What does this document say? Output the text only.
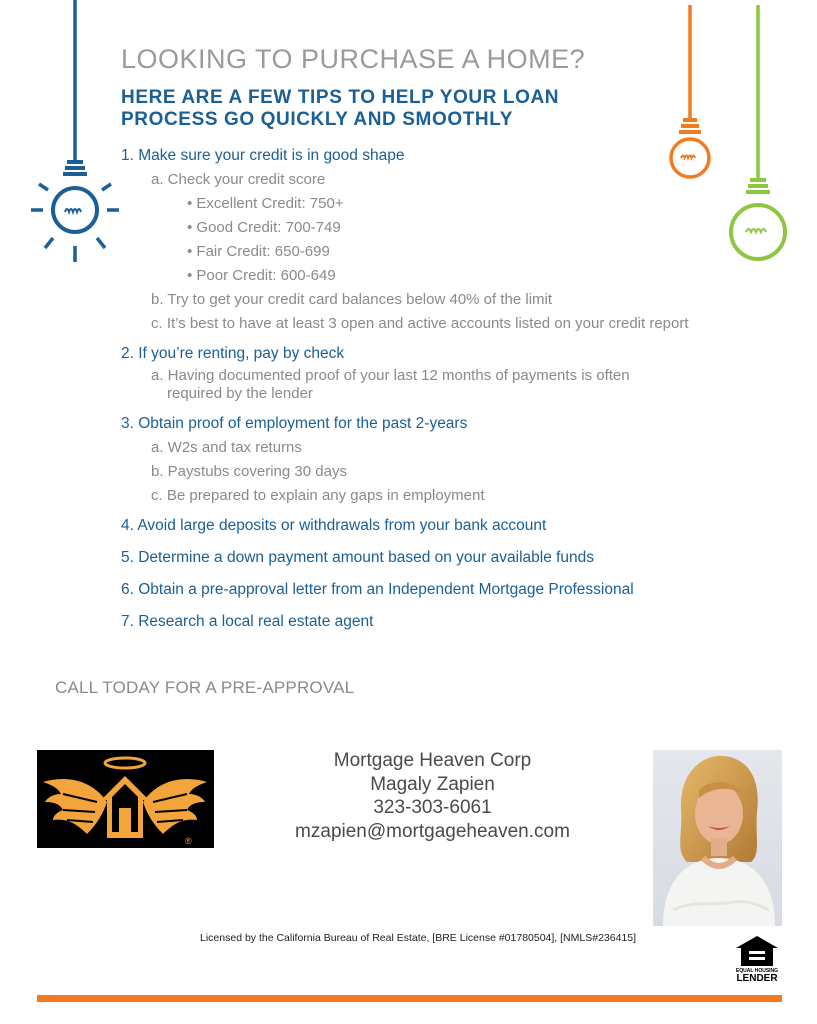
LOOKING TO PURCHASE A HOME?
HERE ARE A FEW TIPS TO HELP YOUR LOAN
PROCESS GO QUICKLY AND SMOOTHLY
1. Make sure your credit is in good shape
a. Check your credit score
• Excellent Credit: 750+
• Good Credit: 700-749
• Fair Credit: 650-699
• Poor Credit: 600-649
b. Try to get your credit card balances below 40% of the limit
c. It’s best to have at least 3 open and active accounts listed on your credit report
2. If you’re renting, pay by check
a. Having documented proof of your last 12 months of payments is often required by the lender
3. Obtain proof of employment for the past 2-years
a. W2s and tax returns
b. Paystubs covering 30 days
c. Be prepared to explain any gaps in employment
4. Avoid large deposits or withdrawals from your bank account
5. Determine a down payment amount based on your available funds
6. Obtain a pre-approval letter from an Independent Mortgage Professional
7. Research a local real estate agent
CALL TODAY FOR A PRE-APPROVAL
®
Mortgage Heaven Corp
Magaly Zapien
323-303-6061
mzapien@mortgageheaven.com
Licensed by the California Bureau of Real Estate, [BRE License #01780504], [NMLS#236415]
EQUAL HOUSING
LENDER
